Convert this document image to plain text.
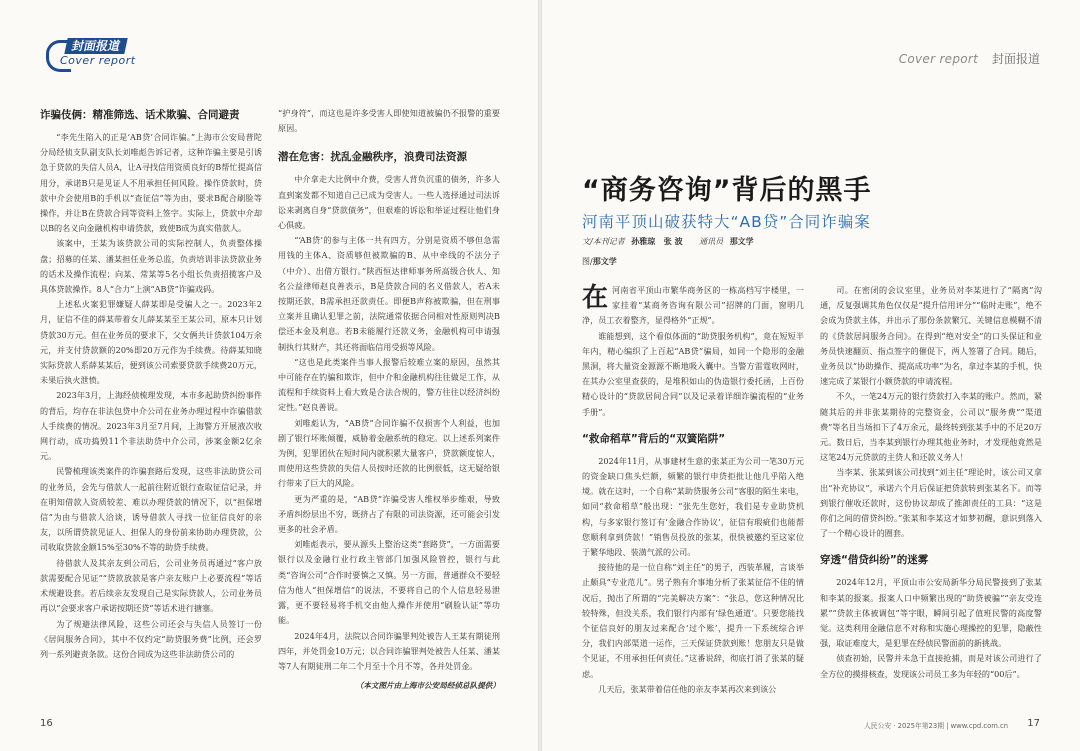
封面报道
Cover report
诈骗伎俩：精准筛选、话术欺骗、合同避责

“李先生陷入的正是‘AB贷’合同诈骗。”上海市公安局普陀分局经侦支队副支队长刘唯彪告诉记者，这种诈骗主要是引诱急于贷款的失信人员A，让A寻找信用资质良好的B帮忙提高信用分，承诺B只是见证人不用承担任何风险。操作贷款时，贷款中介会使用B的手机以“查征信”等为由，要求B配合刷脸等操作，并让B在贷款合同等资料上签字。实际上，贷款中介却以B的名义向金融机构申请贷款，致使B成为真实借款人。

该案中，王某为该贷款公司的实际控制人，负责整体操盘；招募的任某、潘某担任业务总监，负责培训非法贷款业务的话术及操作流程；向某、常某等5名小组长负责招揽客户及具体贷款操作。8人“合力”上演“AB贷”诈骗戏码。

上述私火案犯罪嫌疑人薛某即是受骗人之一。2023年2月，征信不佳的薛某带着女儿薛某某至王某公司，原本只计划贷款30万元。但在业务员的要求下，父女俩共计贷款104万余元，并支付贷款额的20%即20万元作为手续费。待薛某知晓实际贷款人系薛某某后，便到该公司索要贷款手续费20万元，未果后执火泄愤。

2023年3月，上海经侦梳理发现，本市多起助贷纠纷事件的背后，均存在非法包贷中介公司在业务办理过程中诈骗借款人手续费的情况。2023年3月至7月间，上海警方开展液次收网行动，成功捣毁11个非法助贷中介公司，涉案金额2亿余元。

民警梳理该类案件的诈骗套路后发现，这些非法助贷公司的业务员，会先与借款人一起前往附近银行查取征信记录，并在明知借款人资质较差、难以办理贷款的情况下，以“担保增信”为由与借款人洽谈，诱导借款人寻找一位征信良好的亲友，以所谓贷款见证人、担保人的身份前来协助办理贷款，公司收取贷款金额15%至30%不等的助贷手续费。

待借款人及其亲友到公司后，公司业务员再通过“客户放款需要配合见证”“贷款放款是客户亲友账户上必要流程”等话术规避设套。若后续亲友发现自己是实际贷款人，公司业务员再以“会要求客户承诺按期还贷”等话术进行搪塞。

为了规避法律风险，这些公司还会与失信人员签订一份《居间服务合同》，其中不仅约定“助贷服务费”比例，还会罗列一系列避责条款。这份合同成为这些非法助贷公司的

“护身符”，而这也是许多受害人即使知道被骗仍不报警的重要原因。

潜在危害：扰乱金融秩序，浪费司法资源

中介拿走大比例中介费，受害人背负沉重的债务，许多人直到案发都不知道自己已成为受害人。一些人选择通过司法诉讼来剥离自身“贷款债务”，但艰难的诉讼和举证过程让他们身心俱疲。

“‘AB贷’的参与主体一共有四方，分别是资质不够但急需用钱的主体A、资质够但被欺骗的B、从中牵线的不法分子（中介）、出借方银行。”陕西恒达律师事务所高级合伙人、知名公益律师赵良善表示，B是贷款合同的名义借款人，若A未按期还款，B需承担还款责任。即便B声称被欺骗，但在刑事立案并且确认犯罪之前，法院通常依据合同相对性原则判决B偿还本金及利息。若B未能履行还款义务，金融机构可申请强制执行其财产，其还将面临信用受损等风险。

“这也是此类案件当事人报警后较难立案的原因，虽然其中可能存在钓骗和欺诈，但中介和金融机构往往做足工作，从流程和手续资料上看大致是合法合规的，警方往往以经济纠纷定性。”赵良善说。

刘唯彪认为，“AB贷”合同诈骗不仅损害个人利益，也加剧了银行坏账倾覆，威胁着金融系统的稳定。以上述系列案件为例，犯罪团伙在短时间内就积累大量客户，贷款额度惊人，而使用这些贷款的失信人员按时还款的比例很低，这无疑给银行带来了巨大的风险。

更为严重的是，“AB贷”诈骗受害人维权举步维艰，导致矛盾纠纷层出不穷，既挤占了有限的司法资源，还可能会引发更多的社会矛盾。

刘唯彪表示，要从源头上整治这类“套路贷”，一方面需要银行以及金融行业行政主管部门加强风险管控，银行与此类“咨询公司”合作时要慎之又慎。另一方面，普通群众不要轻信为他人“担保增信”的说法，不要将自己的个人信息轻易泄露，更不要轻易将手机交由他人操作并使用“刷脸认证”等功能。

2024年4月，法院以合同诈骗罪判处被告人王某有期徒刑四年，并处罚金10万元；以合同诈骗罪判处被告人任某、潘某等7人有期徒刑二年二个月至十个月不等，各并处罚金。

（本文图片由上海市公安局经侦总队提供）
16
Cover report 封面报道
“商务咨询”背后的黑手
河南平顶山破获特大“AB贷”合同诈骗案
文/本刊记者 孙雅琼 张 波 通讯员 那文学
图/那文学

在河南省平顶山市繁华商务区的一栋高档写字楼里，一家挂着“某商务咨询有限公司”招牌的门面，窗明几净，员工衣着整齐，显得格外“正规”。

谁能想到，这个看似体面的“助贷服务机构”，竟在短短半年内，精心编织了上百起“AB贷”骗局，如同一个隐形的金融黑洞，将大量资金源源不断地吸入囊中。当警方雷霆收网时，在其办公室里查获的，是堆积如山的伪造银行委托函，上百份精心设计的“贷款居间合同”以及记录着详细诈骗流程的“业务手册”。

“救命稻草”背后的“双簧陷阱”

2024年11月，从事建材生意的张某正为公司一笔30万元的资金缺口焦头烂额，频繁的银行申贷拒批让他几乎陷入绝境。就在这时，一个自称“某助贷服务公司”客服的陌生来电，如同“救命稻草”般出现：“张先生您好，我们是专业助贷机构，与多家银行签订有‘金融合作协议’，征信有瑕疵们也能帮您顺利拿到贷款！”销售员投放的张某，很快被邀约至这家位于繁华地段、装潢气派的公司。

接待他的是一位自称“刘主任”的男子，西装革履，言谈举止颇具“专业范儿”。男子熟有介事地分析了张某征信不佳的情况后，抛出了所谓的“完美解决方案”：“张总，您这种情况比较特殊，但没关系，我们银行内部有‘绿色通道’。只要您能找个征信良好的朋友过来配合‘过个账’，提升一下系统综合评分，我们内部渠道一运作，三天保证贷款到账！您朋友只是做个见证，不用承担任何责任。”这番说辞，彻底打消了张某的疑虑。

几天后，张某带着信任他的亲友李某再次来到该公

司。在密闭的会议室里，业务员对李某进行了“隔离”沟通，反复强调其角色仅仅是“提升信用评分”“临时走账”，绝不会成为贷款主体，并出示了那份条款繁冗、关键信息模糊不清的《贷款居间服务合同》。在得到“绝对安全”的口头保证和业务员快速翻页、指点签字的催促下，两人签署了合同。随后，业务员以“协助操作、提高成功率”为名，拿过李某的手机，快速完成了某银行小额贷款的申请流程。

不久，一笔24万元的银行贷款打入李某的账户。然而，紧随其后的并非张某期待的完整资金，公司以“服务费”“渠道费”等名目当场扣下了4万余元，最终转到张某手中的不足20万元。数日后，当李某到银行办理其他业务时，才发现他竟然是这笔24万元贷款的主贷人和还款义务人！

当李某、张某到该公司找到“刘主任”理论时，该公司又拿出“补充协议”，承诺六个月后保证把贷款转到张某名下。而等到银行催收还款时，这份协议却成了推卸责任的工具：“这是你们之间的借贷纠纷。”张某和李某这才如梦初醒，意识到落入了一个精心设计的圈套。

穿透“借贷纠纷”的迷雾

2024年12月，平顶山市公安局新华分局民警接到了张某和李某的报案。报案人口中频繁出现的“助贷被骗”“亲友受连累”“贷款主体被调包”等字眼，瞬间引起了值班民警的高度警觉。这类利用金融信息不对称和实施心理操控的犯罪，隐蔽性强，取证难度大，是犯罪在经侦民警面前的新挑战。

侦查初始，民警并未急于直接抢捕，而是对该公司进行了全方位的摸排核查，发现该公司员工多为年轻的“00后”。

人民公安 · 2025年第23期 | www.cpd.com.cn 17
